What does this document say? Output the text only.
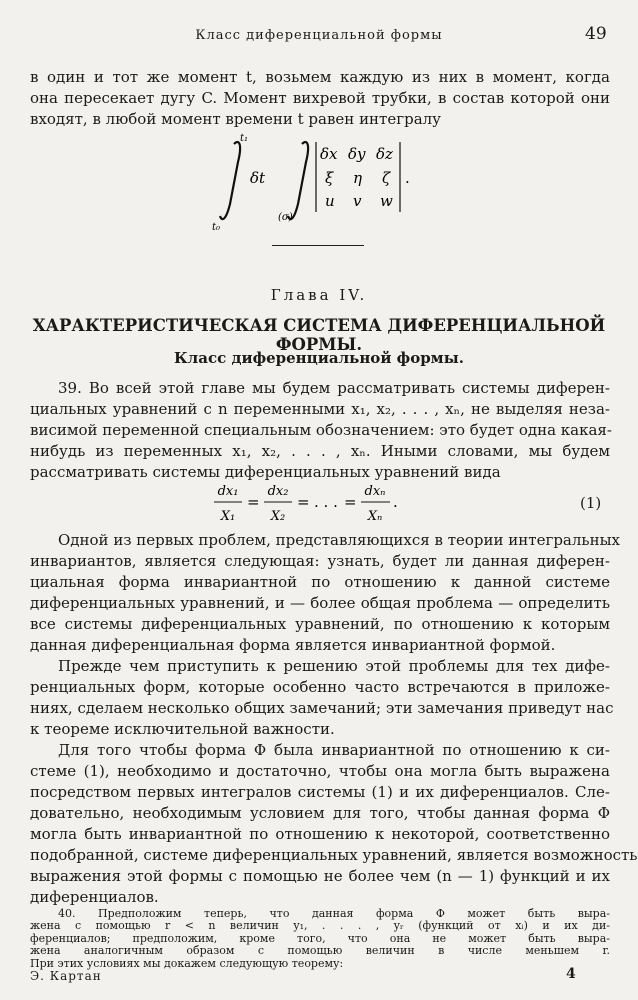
Класс диференциальной формы	49
в один и тот же момент t, возьмем каждую из них в момент, когда
она пересекает дугу C. Момент вихревой трубки, в состав которой они
входят, в любой момент времени t равен интегралу
t₁
t₀
δt
(σ)
δx δy δz
ξ η ζ
u v w
.
Глава IV.
ХАРАКТЕРИСТИЧЕСКАЯ СИСТЕМА ДИФЕРЕНЦИАЛЬНОЙ ФОРМЫ.
Класс диференциальной формы.
39. Во всей этой главе мы будем рассматривать системы диферен-
циальных уравнений с n переменными x₁, x₂, . . . , xₙ, не выделяя неза-
висимой переменной специальным обозначением: это будет одна какая-
нибудь из переменных x₁, x₂, . . . , xₙ. Иными словами, мы будем
рассматривать системы диференциальных уравнений вида
dx₁
X₁
=
dx₂
X₂
= . . . =
dxₙ
Xₙ
.	(1)
Одной из первых проблем, представляющихся в теории интегральных
инвариантов, является следующая: узнать, будет ли данная диферен-
циальная форма инвариантной по отношению к данной системе
диференциальных уравнений, и — более общая проблема — определить
все системы диференциальных уравнений, по отношению к которым
данная диференциальная форма является инвариантной формой.
Прежде чем приступить к решению этой проблемы для тех дифе-
ренциальных форм, которые особенно часто встречаются в приложе-
ниях, сделаем несколько общих замечаний; эти замечания приведут нас
к теореме исключительной важности.
Для того чтобы форма Φ была инвариантной по отношению к си-
стеме (1), необходимо и достаточно, чтобы она могла быть выражена
посредством первых интегралов системы (1) и их диференциалов. Сле-
довательно, необходимым условием для того, чтобы данная форма Φ
могла быть инвариантной по отношению к некоторой, соответственно
подобранной, системе диференциальных уравнений, является возможность
выражения этой формы с помощью не более чем (n — 1) функций и их
диференциалов.
Э. Картан	4
40. Предположим теперь, что данная форма Φ может быть выра-
жена с помощью r < n величин y₁, . . . , yᵣ (функций от xᵢ) и их ди-
ференциалов; предположим, кроме того, что она не может быть выра-
жена аналогичным образом с помощью величин в числе меньшем r.
При этих условиях мы докажем следующую теорему:
